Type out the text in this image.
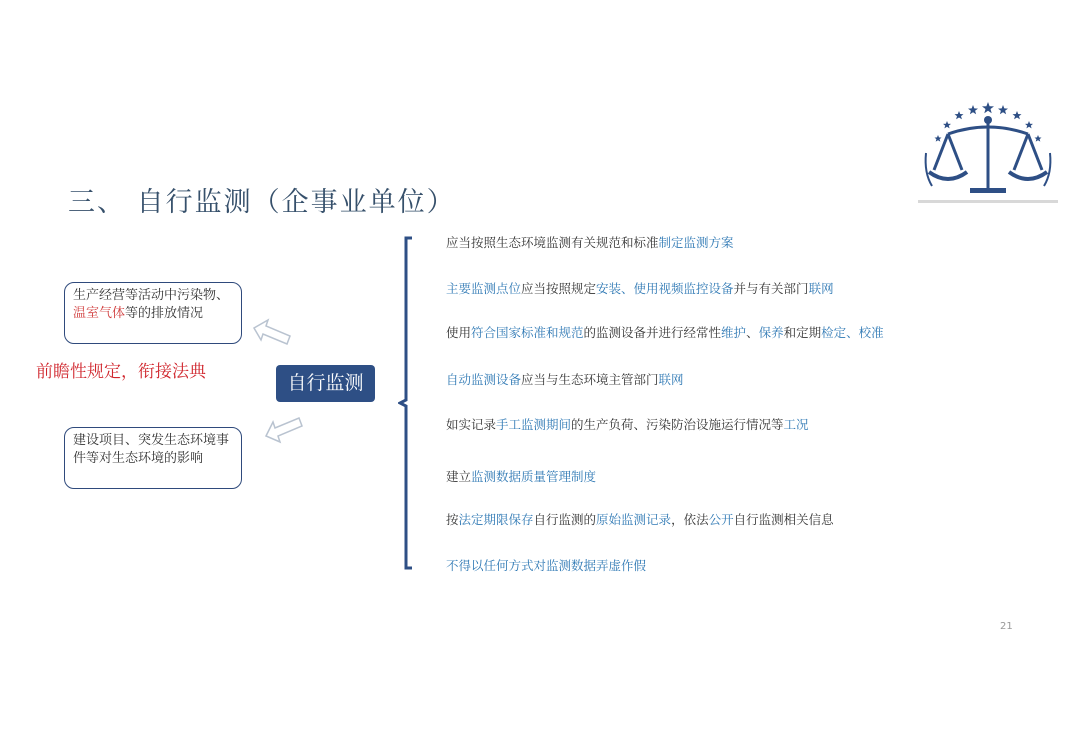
三、 自行监测（企事业单位）
生产经营等活动中污染物、温室气体等的排放情况
前瞻性规定，衔接法典
建设项目、突发生态环境事件等对生态环境的影响
自行监测
应当按照生态环境监测有关规范和标准制定监测方案
主要监测点位应当按照规定安装、使用视频监控设备并与有关部门联网
使用符合国家标准和规范的监测设备并进行经常性维护、保养和定期检定、校准
自动监测设备应当与生态环境主管部门联网
如实记录手工监测期间的生产负荷、污染防治设施运行情况等工况
建立监测数据质量管理制度
按法定期限保存自行监测的原始监测记录，依法公开自行监测相关信息
不得以任何方式对监测数据弄虚作假
21
